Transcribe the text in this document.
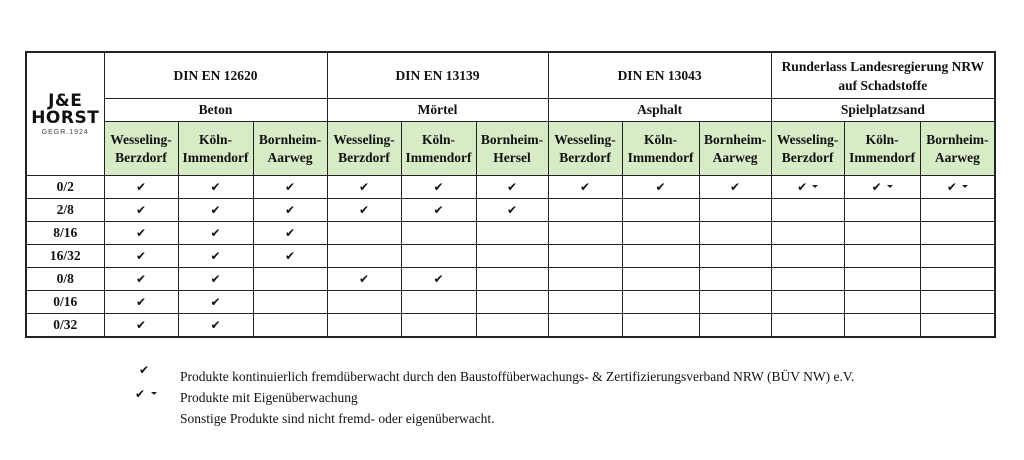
J&E
HORST
GEGR.1924	DIN EN 12620			DIN EN 13139			DIN EN 13043			Runderlass Landesregierung NRW auf Schadstoffe		
	Beton			Mörtel			Asphalt			Spielplatzsand		
	Wesseling-Berzdorf	Köln-Immendorf	Bornheim-Aarweg	Wesseling-Berzdorf	Köln-Immendorf	Bornheim-Hersel	Wesseling-Berzdorf	Köln-Immendorf	Bornheim-Aarweg	Wesseling-Berzdorf	Köln-Immendorf	Bornheim-Aarweg
0/2	✔	✔	✔	✔	✔	✔	✔	✔	✔	✔	✔	✔
2/8	✔	✔	✔	✔	✔	✔						
8/16	✔	✔	✔									
16/32	✔	✔	✔									
0/8	✔	✔		✔	✔							
0/16	✔	✔										
0/32	✔	✔										
✔	Produkte kontinuierlich fremdüberwacht durch den Baustoffüberwachungs- & Zertifizierungsverband NRW (BÜV NW) e.V.
✔	Produkte mit Eigenüberwachung
Sonstige Produkte sind nicht fremd- oder eigenüberwacht.
